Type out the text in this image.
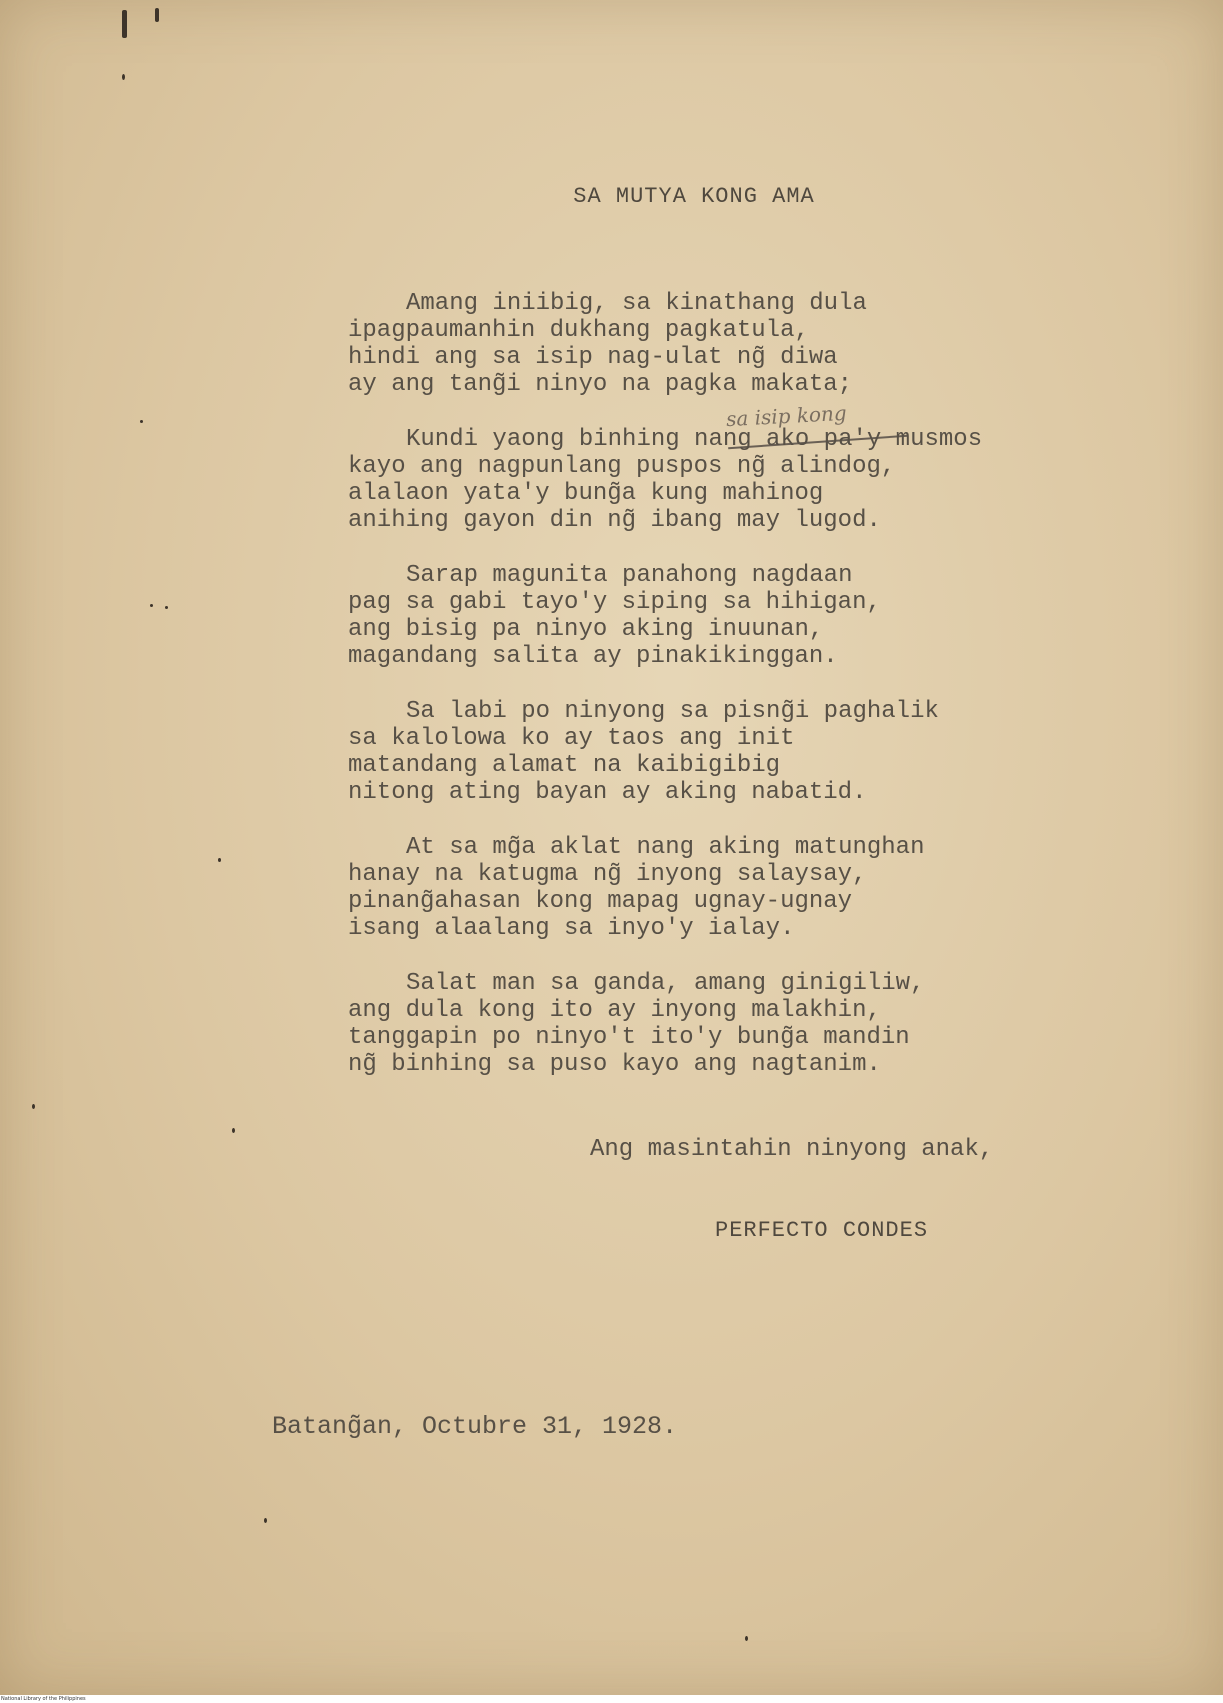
SA MUTYA KONG AMA
sa isip kong
Amang iniibig, sa kinathang dula
ipagpaumanhin dukhang pagkatula,
hindi ang sa isip nag-ulat ng̃ diwa
ay ang tang̃i ninyo na pagka makata;
Kundi yaong binhing nang ako pa'y musmos
kayo ang nagpunlang puspos ng̃ alindog,
alalaon yata'y bung̃a kung mahinog
anihing gayon din ng̃ ibang may lugod.
Sarap magunita panahong nagdaan
pag sa gabi tayo'y siping sa hihigan,
ang bisig pa ninyo aking inuunan,
magandang salita ay pinakikinggan.
Sa labi po ninyong sa pisng̃i paghalik
sa kalolowa ko ay taos ang init
matandang alamat na kaibigibig
nitong ating bayan ay aking nabatid.
At sa mg̃a aklat nang aking matunghan
hanay na katugma ng̃ inyong salaysay,
pinang̃ahasan kong mapag ugnay-ugnay
isang alaalang sa inyo'y ialay.
Salat man sa ganda, amang ginigiliw,
ang dula kong ito ay inyong malakhin,
tanggapin po ninyo't ito'y bung̃a mandin
ng̃ binhing sa puso kayo ang nagtanim.
Ang masintahin ninyong anak,
PERFECTO CONDES
Batang̃an, Octubre 31, 1928.
National Library of the Philippines
